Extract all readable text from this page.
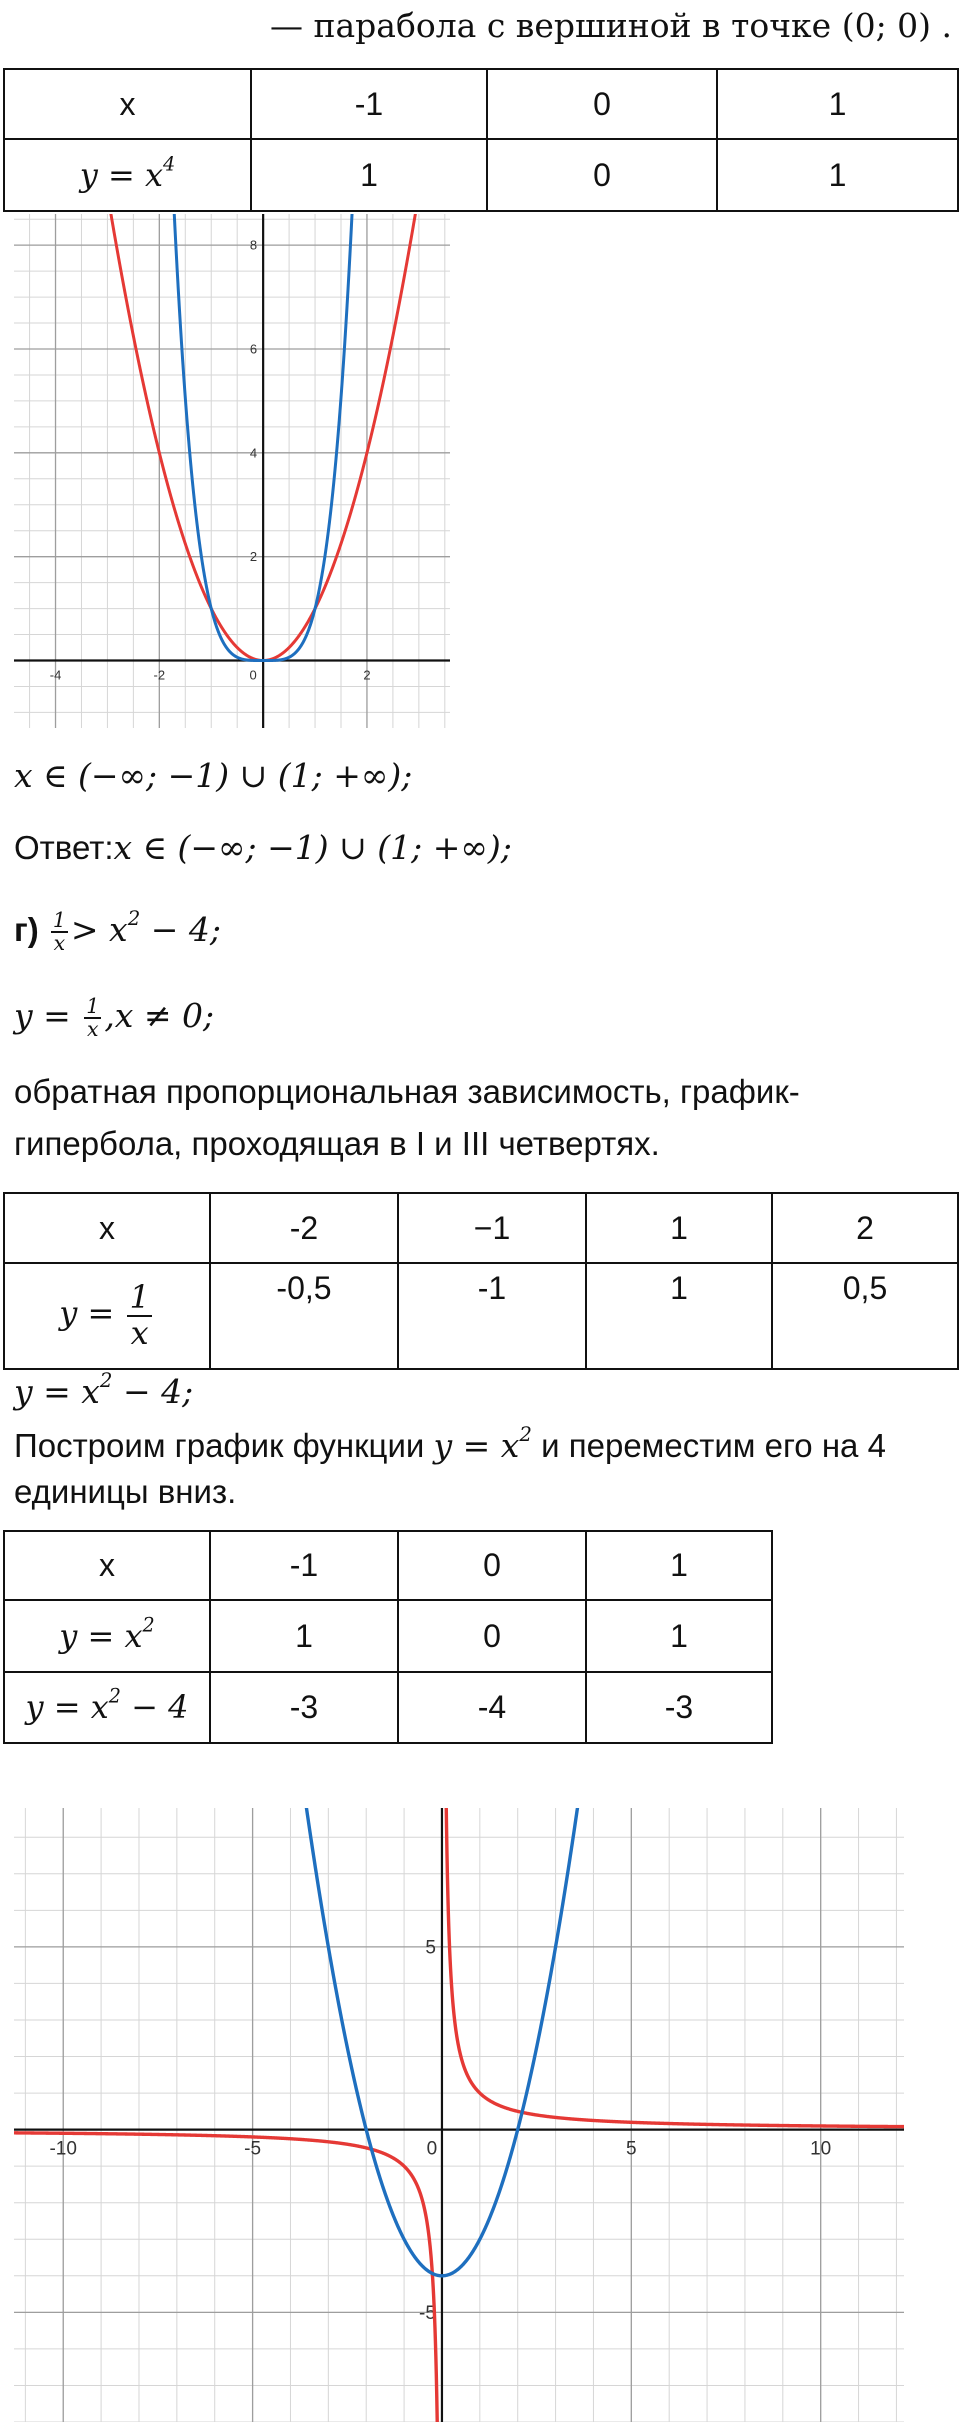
— парабола с вершиной в точке (0; 0) .
x	-1	0	1
$y = x^4$	1	0	1
-4	-2	0	2
2
4
6
8
x ∈ (−∞; −1) ∪ (1; +∞);
Ответ:x ∈ (−∞; −1) ∪ (1; +∞);
$г) \frac{1}{x} > x^2 - 4$;
$y = \frac{1}{x} ,x \ne 0$;
обратная пропорциональная зависимость, график-
гипербола, проходящая в I и III четвертях.
x	-2	−1	1	2
$y = \frac{1}{x}$	-0,5	-1	1	0,5
$y = x^2 - 4$;
Построим график функции $y = x^2$ и переместим его на 4
единицы вниз.
x	-1	0	1
$y = x^2$	1	0	1
$y = x^2 - 4$	-3	-4	-3
-10	-5	0	5	10
5
-5
